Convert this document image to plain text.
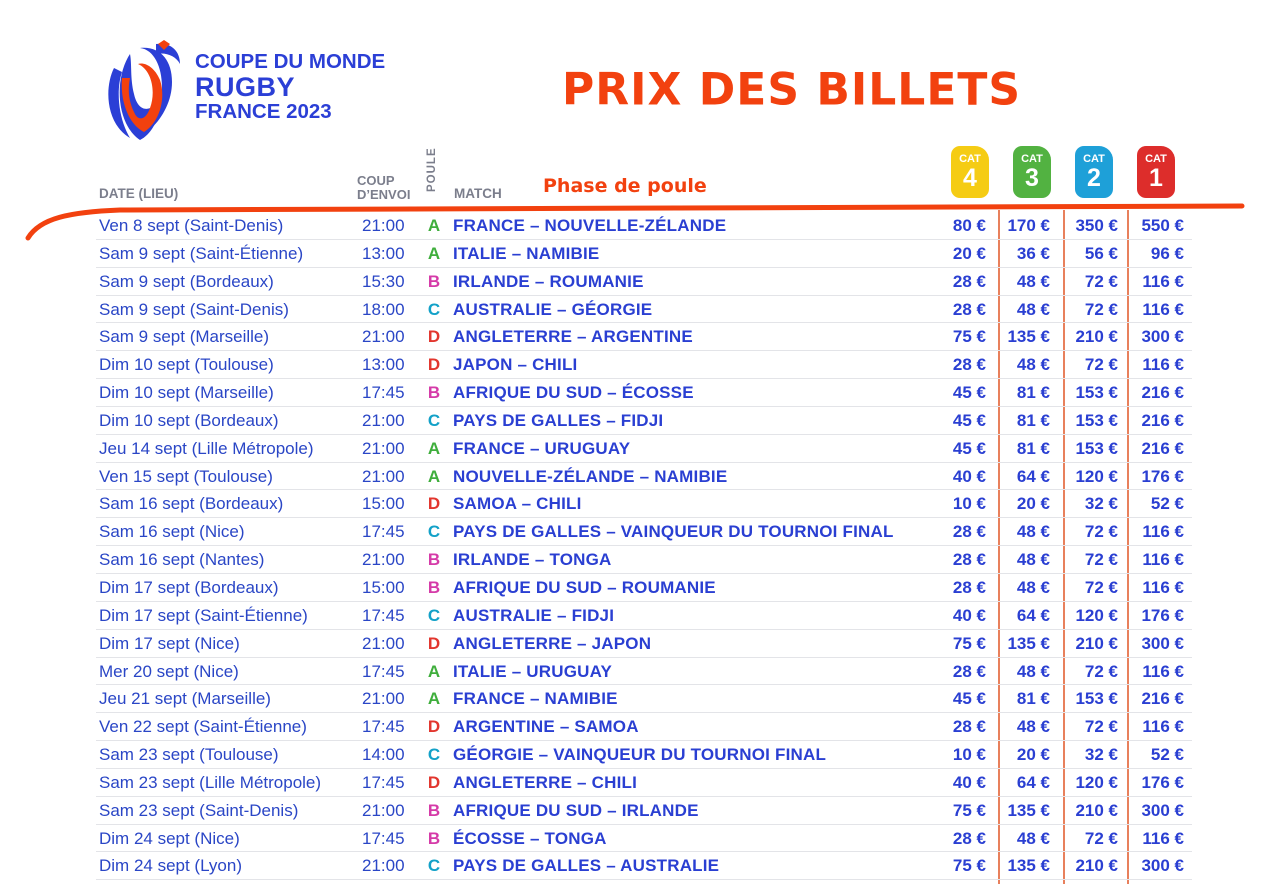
COUPE DU MONDE
RUGBY
FRANCE 2023	PRIX DES BILLETS
DATE (LIEU)
COUP
D’ENVOI
POULE
MATCH Phase de poule
CAT
4
CAT
3
CAT
2
CAT
1
Ven 8 sept (Saint-Denis)	21:00 A FRANCE – NOUVELLE-ZÉLANDE	80 €	170 €	350 €	550 €
Sam 9 sept (Saint-Étienne)	13:00 A ITALIE – NAMIBIE	20 €	36 €	56 €	96 €
Sam 9 sept (Bordeaux)	15:30 B IRLANDE – ROUMANIE	28 €	48 €	72 €	116 €
Sam 9 sept (Saint-Denis)	18:00 C AUSTRALIE – GÉORGIE	28 €	48 €	72 €	116 €
Sam 9 sept (Marseille)	21:00 D ANGLETERRE – ARGENTINE	75 €	135 €	210 €	300 €
Dim 10 sept (Toulouse)	13:00 D JAPON – CHILI	28 €	48 €	72 €	116 €
Dim 10 sept (Marseille)	17:45 B AFRIQUE DU SUD – ÉCOSSE	45 €	81 €	153 €	216 €
Dim 10 sept (Bordeaux)	21:00 C PAYS DE GALLES – FIDJI	45 €	81 €	153 €	216 €
Jeu 14 sept (Lille Métropole)	21:00 A FRANCE – URUGUAY	45 €	81 €	153 €	216 €
Ven 15 sept (Toulouse)	21:00 A NOUVELLE-ZÉLANDE – NAMIBIE	40 €	64 €	120 €	176 €
Sam 16 sept (Bordeaux)	15:00 D SAMOA – CHILI	10 €	20 €	32 €	52 €
Sam 16 sept (Nice)	17:45 C PAYS DE GALLES – VAINQUEUR DU TOURNOI FINAL	28 €	48 €	72 €	116 €
Sam 16 sept (Nantes)	21:00 B IRLANDE – TONGA	28 €	48 €	72 €	116 €
Dim 17 sept (Bordeaux)	15:00 B AFRIQUE DU SUD – ROUMANIE	28 €	48 €	72 €	116 €
Dim 17 sept (Saint-Étienne)	17:45 C AUSTRALIE – FIDJI	40 €	64 €	120 €	176 €
Dim 17 sept (Nice)	21:00 D ANGLETERRE – JAPON	75 €	135 €	210 €	300 €
Mer 20 sept (Nice)	17:45 A ITALIE – URUGUAY	28 €	48 €	72 €	116 €
Jeu 21 sept (Marseille)	21:00 A FRANCE – NAMIBIE	45 €	81 €	153 €	216 €
Ven 22 sept (Saint-Étienne)	17:45 D ARGENTINE – SAMOA	28 €	48 €	72 €	116 €
Sam 23 sept (Toulouse)	14:00 C GÉORGIE – VAINQUEUR DU TOURNOI FINAL	10 €	20 €	32 €	52 €
Sam 23 sept (Lille Métropole) 17:45 D ANGLETERRE – CHILI	40 €	64 €	120 €	176 €
Sam 23 sept (Saint-Denis)	21:00 B AFRIQUE DU SUD – IRLANDE	75 €	135 €	210 €	300 €
Dim 24 sept (Nice)	17:45 B ÉCOSSE – TONGA	28 €	48 €	72 €	116 €
Dim 24 sept (Lyon)	21:00 C PAYS DE GALLES – AUSTRALIE	75 €	135 €	210 €	300 €
